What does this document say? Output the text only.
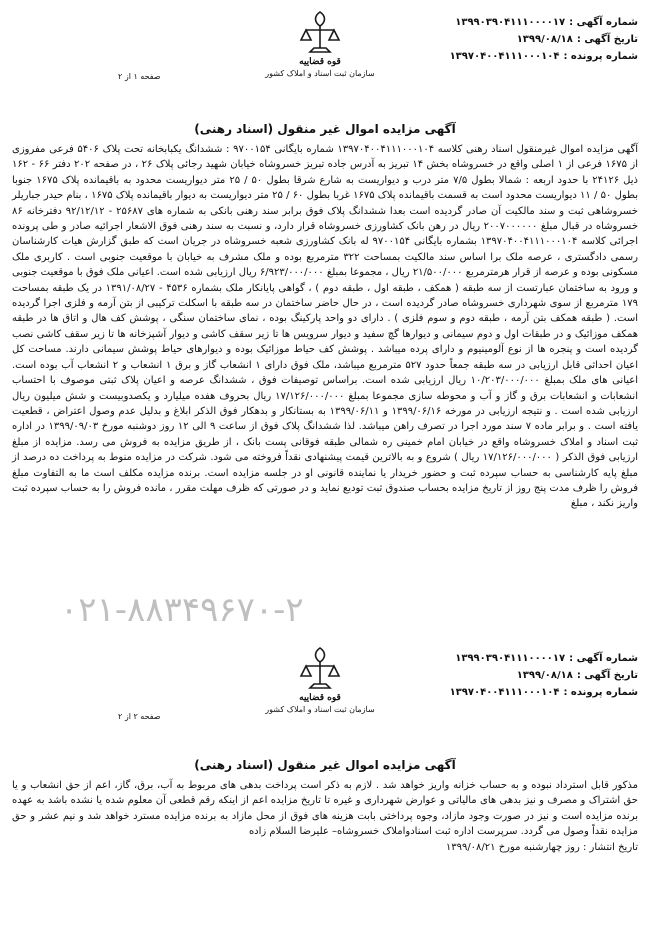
شماره آگهی :۱۳۹۹۰۳۹۰۴۱۱۱۰۰۰۰۱۷
تاریخ آگهی :۱۳۹۹/۰۸/۱۸
شماره پرونده :۱۳۹۷۰۴۰۰۴۱۱۱۰۰۰۱۰۴
قوه قضاییه
سازمان ثبت اسناد و املاک کشور
صفحه ۱ از ۲
آگهی مزایده اموال غیر منقول (اسناد رهنی)

آگهی مزایده اموال غیرمنقول اسناد رهنی کلاسه ۱۳۹۷۰۴۰۰۴۱۱۱۰۰۰۱۰۴ شماره بایگانی ۹۷۰۰۱۵۴ : ششدانگ یکبابخانه تحت پلاک ۵۴۰۶ فرعی مفروزی از ۱۶۷۵ فرعی از ۱ اصلی واقع در خسروشاه بخش ۱۴ تبریز به آدرس جاده تبریز خسروشاه خیابان شهید رجائی پلاک ۲۶ ، در صفحه ۲۰۲ دفتر ۶۶ - ۱۶۲ ذیل ۲۴۱۲۶ با حدود اربعه : شمالا بطول ۷/۵ متر درب و دیواریست به شارع شرقا بطول ۵۰ / ۲۵ متر دیواریست محدود به باقیمانده پلاک ۱۶۷۵ جنوبا بطول ۵۰ / ۱۱ دیواریست محدود است به قسمت باقیمانده پلاک ۱۶۷۵ غربا بطول ۶۰ / ۲۵ متر دیواریست به دیوار باقیمانده پلاک ۱۶۷۵ ، بنام حیدر جباریلر خسروشاهی ثبت و سند مالکیت آن صادر گردیده است بعدا ششدانگ پلاک فوق برابر سند رهنی بانکی به شماره های ۲۵۶۸۷ - ۹۲/۱۲/۱۲ دفترخانه ۸۶ خسروشاه در قبال مبلغ ۲۰۰۷۰۰۰۰۰۰ ریال در رهن بانک کشاورزی خسروشاه قرار دارد، و نسبت به سند رهنی فوق الاشعار اجرائیه صادر و طی پرونده اجرائی کلاسه ۱۳۹۷۰۴۰۰۴۱۱۱۰۰۰۱۰۴ بشماره بایگانی ۹۷۰۰۱۵۴ له بانک کشاورزی شعبه خسروشاه در جریان است که طبق گزارش هیات کارشناسان رسمی دادگستری ، عرصه ملک برا اساس سند مالکیت بمساحت ۳۲۲ مترمربع بوده و ملک مشرف به خیابان با موقعیت جنوبی است . کاربری ملک مسکونی بوده و عرصه از قرار هرمترمربع ۲۱/۵۰۰/۰۰۰ ریال ، مجموعا بمبلغ ۶/۹۲۳/۰۰۰/۰۰۰ ریال ارزیابی شده است. اعیانی ملک فوق با موقعیت جنوبی و ورود به ساختمان عبارتست از سه طبقه ( همکف ، طبقه اول ، طبقه دوم ) ، گواهی پایانکار ملک بشماره ۴۵۳۶ - ۱۳۹۱/۰۸/۲۷ در یک طبقه بمساحت ۱۷۹ مترمربع از سوی شهرداری خسروشاه صادر گردیده است ، در حال حاضر ساختمان در سه طبقه با اسکلت ترکیبی از بتن آرمه و فلزی اجرا گردیده است. ( طبقه همکف بتن آرمه ، طبقه دوم و سوم فلزی ) . دارای دو واحد پارکینگ بوده ، نمای ساختمان سنگی ، پوشش کف هال و اتاق ها در طبقه همکف موزائیک و در طبقات اول و دوم سیمانی و دیوارها گچ سفید و دیوار سرویس ها تا زیر سقف کاشی و دیوار آشپزخانه ها تا زیر سقف کاشی نصب گردیده است و پنجره ها از نوع آلومینیوم و دارای پرده میباشد . پوشش کف حیاط موزائیک بوده و دیوارهای حیاط پوشش سیمانی دارند. مساحت کل اعیان احداثی قابل ارزیابی در سه طبقه جمعاً حدود ۵۲۷ مترمربع میباشد، ملک فوق دارای ۱ انشعاب گاز و برق ۱ انشعاب و ۲ انشعاب آب بوده است. اعیانی های ملک بمبلغ ۱۰/۲۰۳/۰۰۰/۰۰۰ ریال ارزیابی شده است. براساس توصیفات فوق ، ششدانگ عرصه و اعیان پلاک ثبتی موصوف با احتساب انشعابات و انشعابات برق و گاز و آب و محوطه سازی مجموعا بمبلغ ۱۷/۱۲۶/۰۰۰/۰۰۰ ریال بحروف هفده میلیارد و یکصدوبیست و شش میلیون ریال ارزیابی شده است . و نتیجه ارزیابی در مورخه ۱۳۹۹/۰۶/۱۶ و ۱۳۹۹/۰۶/۱۱ به بستانکار و بدهکار فوق الذکر ابلاغ و بدلیل عدم وصول اعتراض ، قطعیت یافته است . و برابر ماده ۷ سند مورد اجرا در تصرف راهن میباشد. لذا ششدانگ پلاک فوق از ساعت ۹ الی ۱۲ روز دوشنبه مورخ ۱۳۹۹/۰۹/۰۳ در اداره ثبت اسناد و املاک خسروشاه واقع در خیابان امام خمینی ره شمالی طبقه فوقانی پست بانک ، از طریق مزایده به فروش می رسد. مزایده از مبلغ ارزیابی فوق الذکر ( ۱۷/۱۲۶/۰۰۰/۰۰۰ ریال ) شروع و به بالاترین قیمت پیشنهادی نقداً فروخته می شود. شرکت در مزایده منوط به پرداخت ده درصد از مبلغ پایه کارشناسی به حساب سپرده ثبت و حضور خریدار یا نماینده قانونی او در جلسه مزایده است. برنده مزایده مکلف است ما به التفاوت مبلغ فروش را ظرف مدت پنج روز از تاریخ مزایده بحساب صندوق ثبت تودیع نماید و در صورتی که ظرف مهلت مقرر ، مانده فروش را به حساب سپرده ثبت واریز نکند ، مبلغ

۰۲۱-۸۸۳۴۹۶۷۰-۲
شماره آگهی :۱۳۹۹۰۳۹۰۴۱۱۱۰۰۰۰۱۷
تاریخ آگهی :۱۳۹۹/۰۸/۱۸
شماره پرونده :۱۳۹۷۰۴۰۰۴۱۱۱۰۰۰۱۰۴
قوه قضاییه
سازمان ثبت اسناد و املاک کشور
صفحه ۲ از ۲
آگهی مزایده اموال غیر منقول (اسناد رهنی)

مذکور قابل استرداد نبوده و به حساب خزانه واریز خواهد شد . لازم به ذکر است پرداخت بدهی های مربوط به آب، برق، گاز، اعم از حق انشعاب و یا حق اشتراک و مصرف و نیز بدهی های مالیاتی و عوارض شهرداری و غیره تا تاریخ مزایده اعم از اینکه رقم قطعی آن معلوم شده یا نشده باشد به عهده برنده مزایده است و نیز در صورت وجود مازاد، وجوه پرداختی بابت هزینه های فوق از محل مازاد به برنده مزایده مسترد خواهد شد و نیم عشر و حق مزایده نقداً وصول می گردد. سرپرست اداره ثبت اسنادواملاک خسروشاه– علیرضا السلام زاده

تاریخ انتشار : روز چهارشنبه مورخ ۱۳۹۹/۰۸/۲۱
